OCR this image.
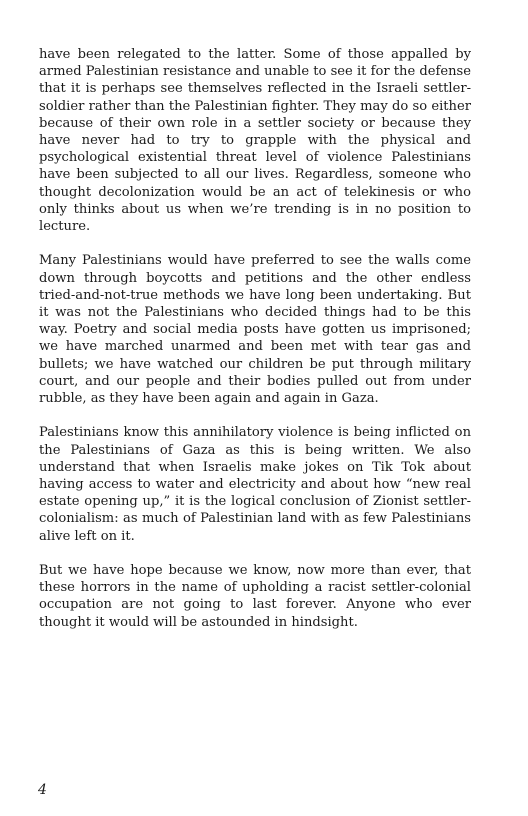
have been relegated to the latter. Some of those appalled by armed Palestinian resistance and unable to see it for the defense that it is perhaps see themselves reflected in the Israeli settler-soldier rather than the Palestinian fighter. They may do so either because of their own role in a settler society or because they have never had to try to grapple with the physical and psychological existential threat level of violence Palestinians have been subjected to all our lives. Regardless, someone who thought decolonization would be an act of telekinesis or who only thinks about us when we’re trending is in no position to lecture.

Many Palestinians would have preferred to see the walls come down through boycotts and petitions and the other endless tried-and-not-true methods we have long been undertaking. But it was not the Palestinians who decided things had to be this way. Poetry and social media posts have gotten us imprisoned; we have marched unarmed and been met with tear gas and bullets; we have watched our children be put through military court, and our people and their bodies pulled out from under rubble, as they have been again and again in Gaza.

Palestinians know this annihilatory violence is being inflicted on the Palestinians of Gaza as this is being written. We also understand that when Israelis make jokes on Tik Tok about having access to water and electricity and about how “new real estate opening up,” it is the logical conclusion of Zionist settler-colonialism: as much of Palestinian land with as few Palestinians alive left on it.

But we have hope because we know, now more than ever, that these horrors in the name of upholding a racist settler-colonial occupation are not going to last forever. Anyone who ever thought it would will be astounded in hindsight.

4
